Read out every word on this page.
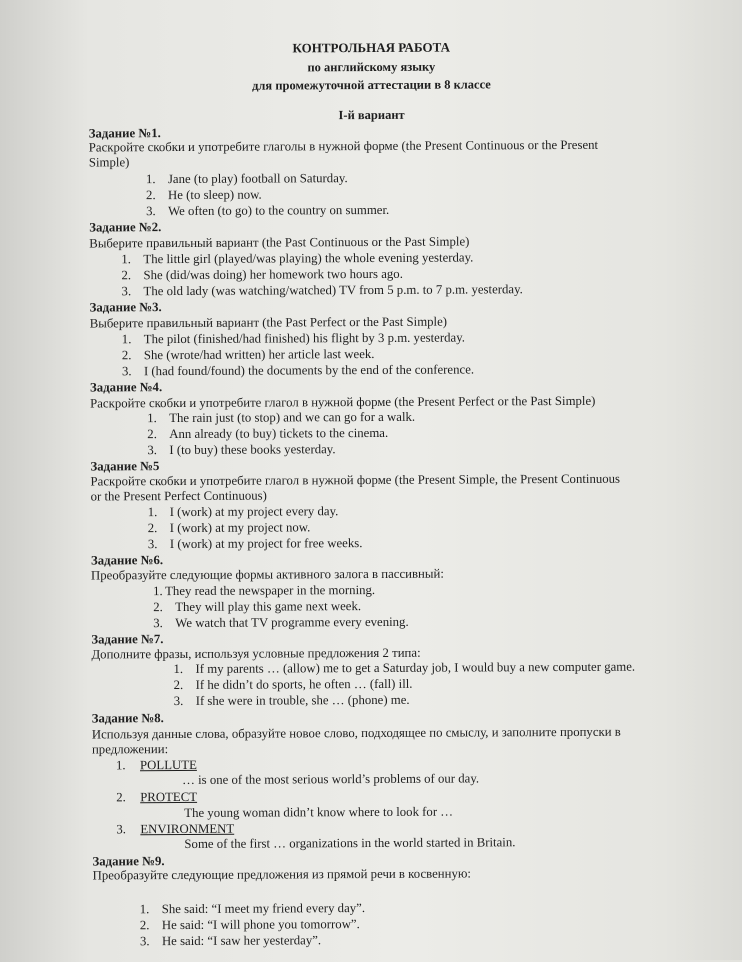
КОНТРОЛЬНАЯ РАБОТА
по английскому языку
для промежуточной аттестации в 8 классе
I-й вариант
Задание №1.
Раскройте скобки и употребите глаголы в нужной форме (the Present Continuous or the Present
Simple)
1. Jane (to play) football on Saturday.
2. He (to sleep) now.
3. We often (to go) to the country on summer.
Задание №2.
Выберите правильный вариант (the Past Continuous or the Past Simple)
1. The little girl (played/was playing) the whole evening yesterday.
2. She (did/was doing) her homework two hours ago.
3. The old lady (was watching/watched) TV from 5 p.m. to 7 p.m. yesterday.
Задание №3.
Выберите правильный вариант (the Past Perfect or the Past Simple)
1. The pilot (finished/had finished) his flight by 3 p.m. yesterday.
2. She (wrote/had written) her article last week.
3. I (had found/found) the documents by the end of the conference.
Задание №4.
Раскройте скобки и употребите глагол в нужной форме (the Present Perfect or the Past Simple)
1. The rain just (to stop) and we can go for a walk.
2. Ann already (to buy) tickets to the cinema.
3. I (to buy) these books yesterday.
Задание №5
Раскройте скобки и употребите глагол в нужной форме (the Present Simple, the Present Continuous
or the Present Perfect Continuous)
1. I (work) at my project every day.
2. I (work) at my project now.
3. I (work) at my project for free weeks.
Задание №6.
Преобразуйте следующие формы активного залога в пассивный:
1. They read the newspaper in the morning.
2. They will play this game next week.
3. We watch that TV programme every evening.
Задание №7.
Дополните фразы, используя условные предложения 2 типа:
1. If my parents … (allow) me to get a Saturday job, I would buy a new computer game.
2. If he didn’t do sports, he often … (fall) ill.
3. If she were in trouble, she … (phone) me.
Задание №8.
Используя данные слова, образуйте новое слово, подходящее по смыслу, и заполните пропуски в
предложении:
1. POLLUTE
… is one of the most serious world’s problems of our day.
2. PROTECT
The young woman didn’t know where to look for …
3. ENVIRONMENT
Some of the first … organizations in the world started in Britain.
Задание №9.
Преобразуйте следующие предложения из прямой речи в косвенную:
1. She said: “I meet my friend every day”.
2. He said: “I will phone you tomorrow”.
3. He said: “I saw her yesterday”.
